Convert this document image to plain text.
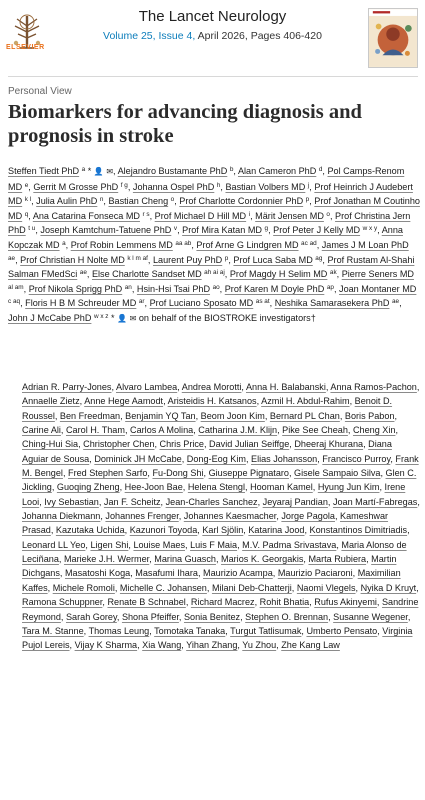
ELSEVIER
The Lancet Neurology
Volume 25, Issue 4, April 2026, Pages 406-420
Personal View
Biomarkers for advancing diagnosis and prognosis in stroke
Steffen Tiedt PhD $^a$ * 👤 ✉, Alejandro Bustamante PhD $^b$, Alan Cameron PhD $^d$, Pol Camps-Renom MD $^e$, Gerrit M Grosse PhD $^{f g}$, Johanna Ospel PhD $^h$, Bastian Volbers MD $^j$, Prof Heinrich J Audebert MD $^{k l}$, Julia Aulin PhD $^n$, Bastian Cheng $^o$, Prof Charlotte Cordonnier PhD $^p$, Prof Jonathan M Coutinho MD $^q$, Ana Catarina Fonseca MD $^{r s}$, Prof Michael D Hill MD $^i$, Märit Jensen MD $^o$, Prof Christina Jern PhD $^{t u}$, Joseph Kamtchum-Tatuene PhD $^v$, Prof Mira Katan MD $^g$, Prof Peter J Kelly MD $^{w x y}$, Anna Kopczak MD $^a$, Prof Robin Lemmens MD $^{aa ab}$, Prof Arne G Lindgren MD $^{ac ad}$, James J M Loan PhD $^{ae}$, Prof Christian H Nolte MD $^{k l m af}$, Laurent Puy PhD $^p$, Prof Luca Saba MD $^{ag}$, Prof Rustam Al-Shahi Salman FMedSci $^{ae}$, Else Charlotte Sandset MD $^{ah ai aj}$, Prof Magdy H Selim MD $^{ak}$, Pierre Seners MD $^{al am}$, Prof Nikola Sprigg PhD $^{an}$, Hsin-Hsi Tsai PhD $^{ao}$, Prof Karen M Doyle PhD $^{ap}$, Joan Montaner MD $^{c aq}$, Floris H B M Schreuder MD $^{ar}$, Prof Luciano Sposato MD $^{as at}$, Neshika Samarasekera PhD $^{ae}$, John J McCabe PhD $^{w x z}$ * 👤 ✉ on behalf of the BIOSTROKE investigators†
Adrian R. Parry-Jones, Alvaro Lambea, Andrea Morotti, Anna H. Balabanski, Anna Ramos-Pachon, Annaelle Zietz, Anne Hege Aamodt, Aristeidis H. Katsanos, Azmil H. Abdul-Rahim, Benoit D. Roussel, Ben Freedman, Benjamin YQ Tan, Beom Joon Kim, Bernard PL Chan, Boris Pabon, Carine Ali, Carol H. Tham, Carlos A Molina, Catharina J.M. Klijn, Pike See Cheah, Cheng Xin, Ching-Hui Sia, Christopher Chen, Chris Price, David Julian Seiffge, Dheeraj Khurana, Diana Aguiar de Sousa, Dominick JH McCabe, Dong-Eog Kim, Elias Johansson, Francisco Purroy, Frank M. Bengel, Fred Stephen Sarfo, Fu-Dong Shi, Giuseppe Pignataro, Gisele Sampaio Silva, Glen C. Jickling, Guoqing Zheng, Hee-Joon Bae, Helena Stengl, Hooman Kamel, Hyung Jun Kim, Irene Looi, Ivy Sebastian, Jan F. Scheitz, Jean-Charles Sanchez, Jeyaraj Pandian, Joan Martí-Fabregas, Johanna Diekmann, Johannes Frenger, Johannes Kaesmacher, Jorge Pagola, Kameshwar Prasad, Kazutaka Uchida, Kazunori Toyoda, Karl Sjölin, Katarina Jood, Konstantinos Dimitriadis, Leonard LL Yeo, Ligen Shi, Louise Maes, Luis F Maia, M.V. Padma Srivastava, Maria Alonso de Leciñana, Marieke J.H. Wermer, Marina Guasch, Marios K. Georgakis, Marta Rubiera, Martin Dichgans, Masatoshi Koga, Masafumi Ihara, Maurizio Acampa, Maurizio Paciaroni, Maximilian Kaffes, Michele Romoli, Michelle C. Johansen, Milani Deb-Chatterji, Naomi Vlegels, Nyika D Kruyt, Ramona Schuppner, Renate B Schnabel, Richard Macrez, Rohit Bhatia, Rufus Akinyemi, Sandrine Reymond, Sarah Gorey, Shona Pfeiffer, Sonia Benitez, Stephen O. Brennan, Susanne Wegener, Tara M. Stanne, Thomas Leung, Tomotaka Tanaka, Turgut Tatlisumak, Umberto Pensato, Virginia Pujol Lereis, Vijay K Sharma, Xia Wang, Yihan Zhang, Yu Zhou, Zhe Kang Law
